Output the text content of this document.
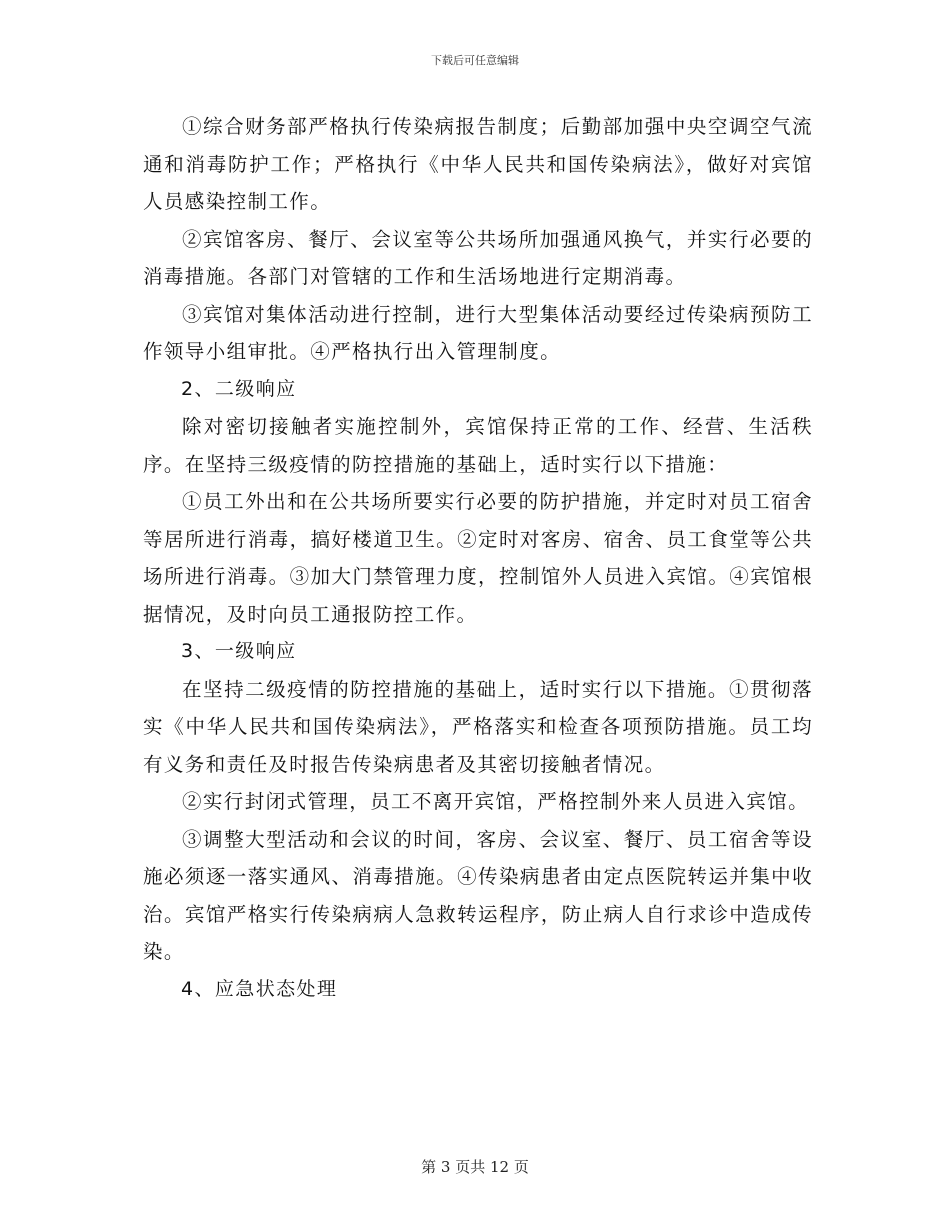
下载后可任意编辑

①综合财务部严格执行传染病报告制度；后勤部加强中央空调空气流通和消毒防护工作；严格执行《中华人民共和国传染病法》，做好对宾馆人员感染控制工作。

②宾馆客房、餐厅、会议室等公共场所加强通风换气，并实行必要的消毒措施。各部门对管辖的工作和生活场地进行定期消毒。

③宾馆对集体活动进行控制，进行大型集体活动要经过传染病预防工作领导小组审批。④严格执行出入管理制度。

2、二级响应

除对密切接触者实施控制外，宾馆保持正常的工作、经营、生活秩序。在坚持三级疫情的防控措施的基础上，适时实行以下措施：

①员工外出和在公共场所要实行必要的防护措施，并定时对员工宿舍等居所进行消毒，搞好楼道卫生。②定时对客房、宿舍、员工食堂等公共场所进行消毒。③加大门禁管理力度，控制馆外人员进入宾馆。④宾馆根据情况，及时向员工通报防控工作。

3、一级响应

在坚持二级疫情的防控措施的基础上，适时实行以下措施。①贯彻落实《中华人民共和国传染病法》，严格落实和检查各项预防措施。员工均有义务和责任及时报告传染病患者及其密切接触者情况。

②实行封闭式管理，员工不离开宾馆，严格控制外来人员进入宾馆。

③调整大型活动和会议的时间，客房、会议室、餐厅、员工宿舍等设施必须逐一落实通风、消毒措施。④传染病患者由定点医院转运并集中收治。宾馆严格实行传染病病人急救转运程序，防止病人自行求诊中造成传染。

4、应急状态处理

第 3 页共 12 页
